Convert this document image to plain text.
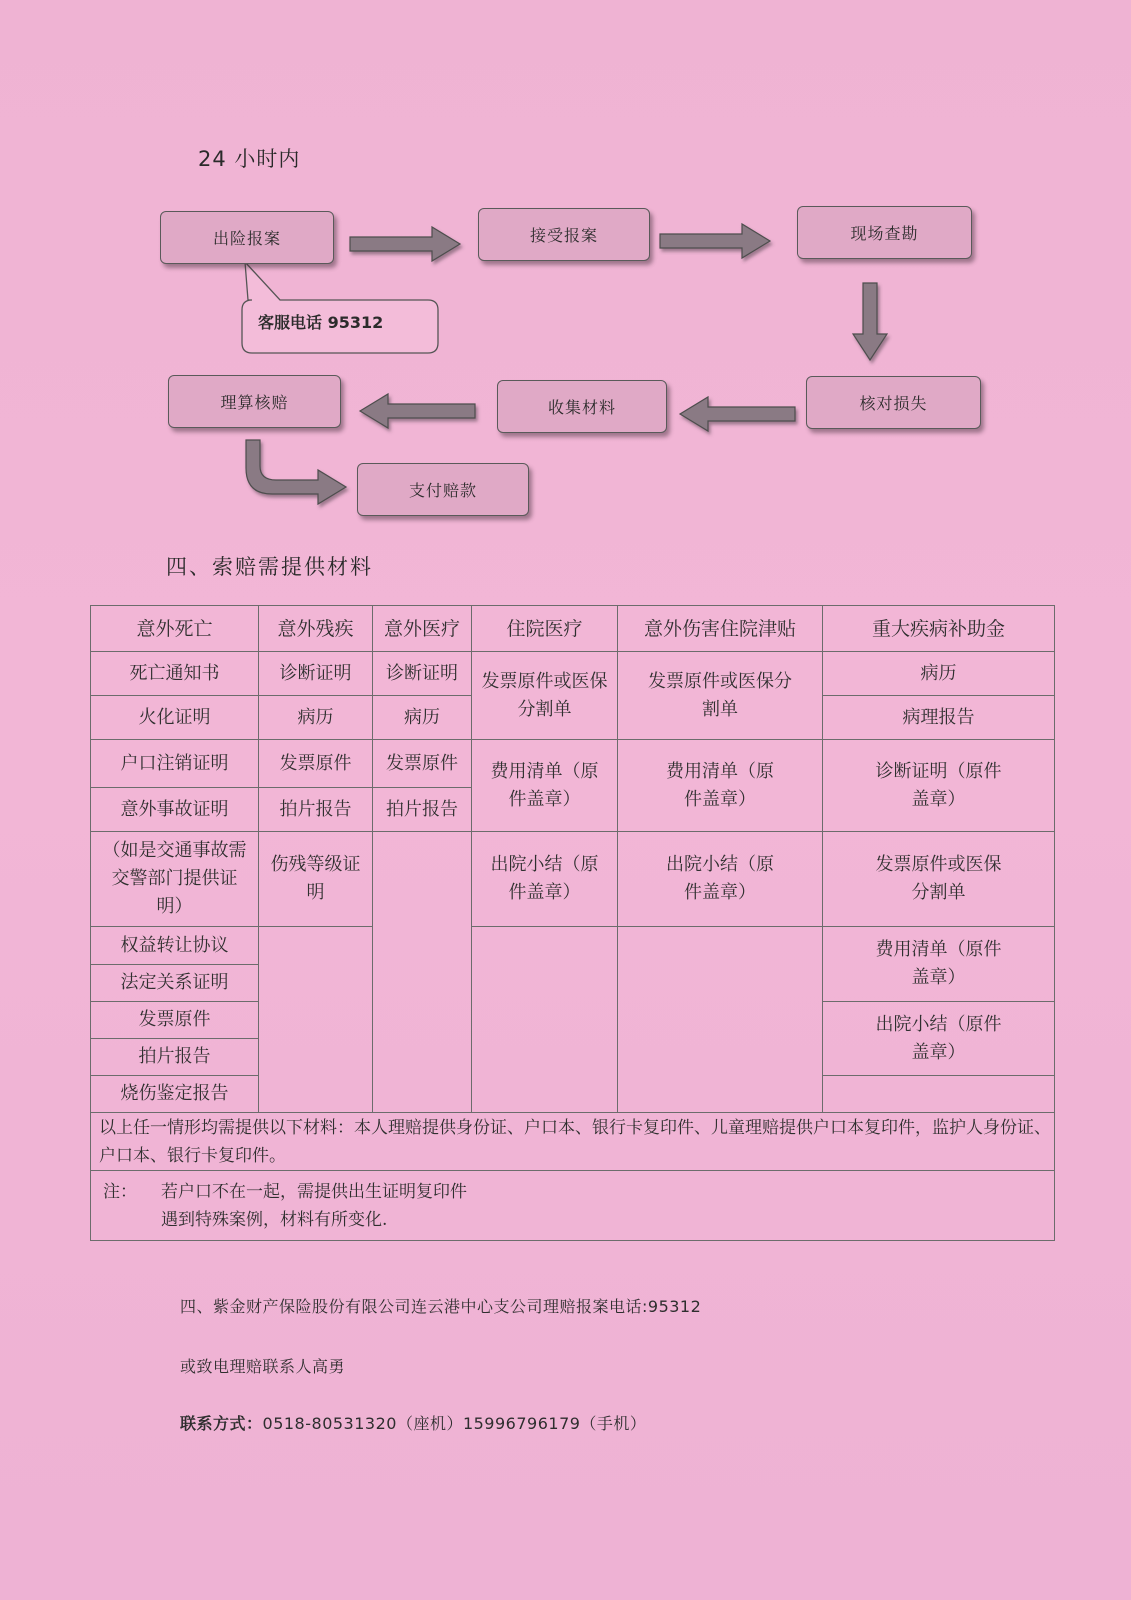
24 小时内
客服电话 95312
出险报案	接受报案	现场查勘
核对损失
收集材料
理算核赔
支付赔款
四、索赔需提供材料
意外死亡	意外残疾	意外医疗	住院医疗	意外伤害住院津贴	重大疾病补助金
死亡通知书	诊断证明	诊断证明	发票原件或医保分割单	发票原件或医保分割单	病历
火化证明	病历	病历			病理报告
户口注销证明	发票原件	发票原件	费用清单（原件盖章）	费用清单（原件盖章）	诊断证明（原件盖章）
意外事故证明	拍片报告	拍片报告			
（如是交通事故需交警部门提供证明）	伤残等级证明		出院小结（原件盖章）	出院小结（原件盖章）	发票原件或医保分割单
权益转让协议					费用清单（原件盖章）
法定关系证明					
发票原件					出院小结（原件盖章）
拍片报告					
烧伤鉴定报告					
以上任一情形均需提供以下材料：本人理赔提供身份证、户口本、银行卡复印件、儿童理赔提供户口本复印件，监护人身份证、户口本、银行卡复印件。					

注： 若户口不在一起，需提供出生证明复印件
遇到特殊案例，材料有所变化.					
四、紫金财产保险股份有限公司连云港中心支公司理赔报案电话:95312
或致电理赔联系人高勇
联系方式：0518-80531320（座机）15996796179（手机）
